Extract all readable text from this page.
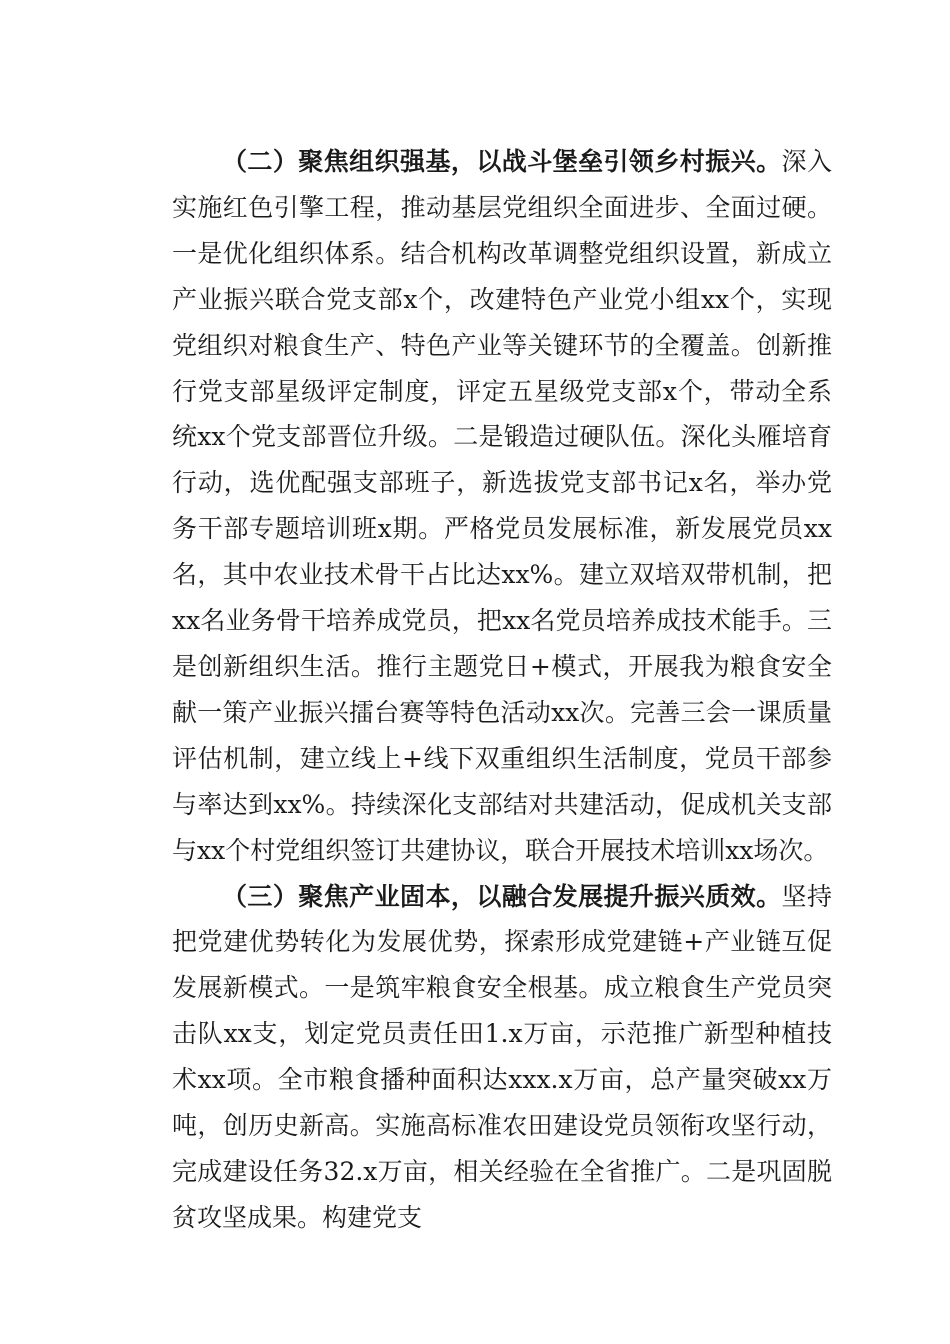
（二）聚焦组织强基，以战斗堡垒引领乡村振兴。深入实施红色引擎工程，推动基层党组织全面进步、全面过硬。一是优化组织体系。结合机构改革调整党组织设置，新成立产业振兴联合党支部x个，改建特色产业党小组xx个，实现党组织对粮食生产、特色产业等关键环节的全覆盖。创新推行党支部星级评定制度，评定五星级党支部x个，带动全系统xx个党支部晋位升级。二是锻造过硬队伍。深化头雁培育行动，选优配强支部班子，新选拔党支部书记x名，举办党务干部专题培训班x期。严格党员发展标准，新发展党员xx名，其中农业技术骨干占比达xx%。建立双培双带机制，把xx名业务骨干培养成党员，把xx名党员培养成技术能手。三是创新组织生活。推行主题党日+模式，开展我为粮食安全献一策产业振兴擂台赛等特色活动xx次。完善三会一课质量评估机制，建立线上+线下双重组织生活制度，党员干部参与率达到xx%。持续深化支部结对共建活动，促成机关支部与xx个村党组织签订共建协议，联合开展技术培训xx场次。

（三）聚焦产业固本，以融合发展提升振兴质效。坚持把党建优势转化为发展优势，探索形成党建链+产业链互促发展新模式。一是筑牢粮食安全根基。成立粮食生产党员突击队xx支，划定党员责任田1.x万亩，示范推广新型种植技术xx项。全市粮食播种面积达xxx.x万亩，总产量突破xx万吨，创历史新高。实施高标准农田建设党员领衔攻坚行动，完成建设任务32.x万亩，相关经验在全省推广。二是巩固脱贫攻坚成果。构建党支
